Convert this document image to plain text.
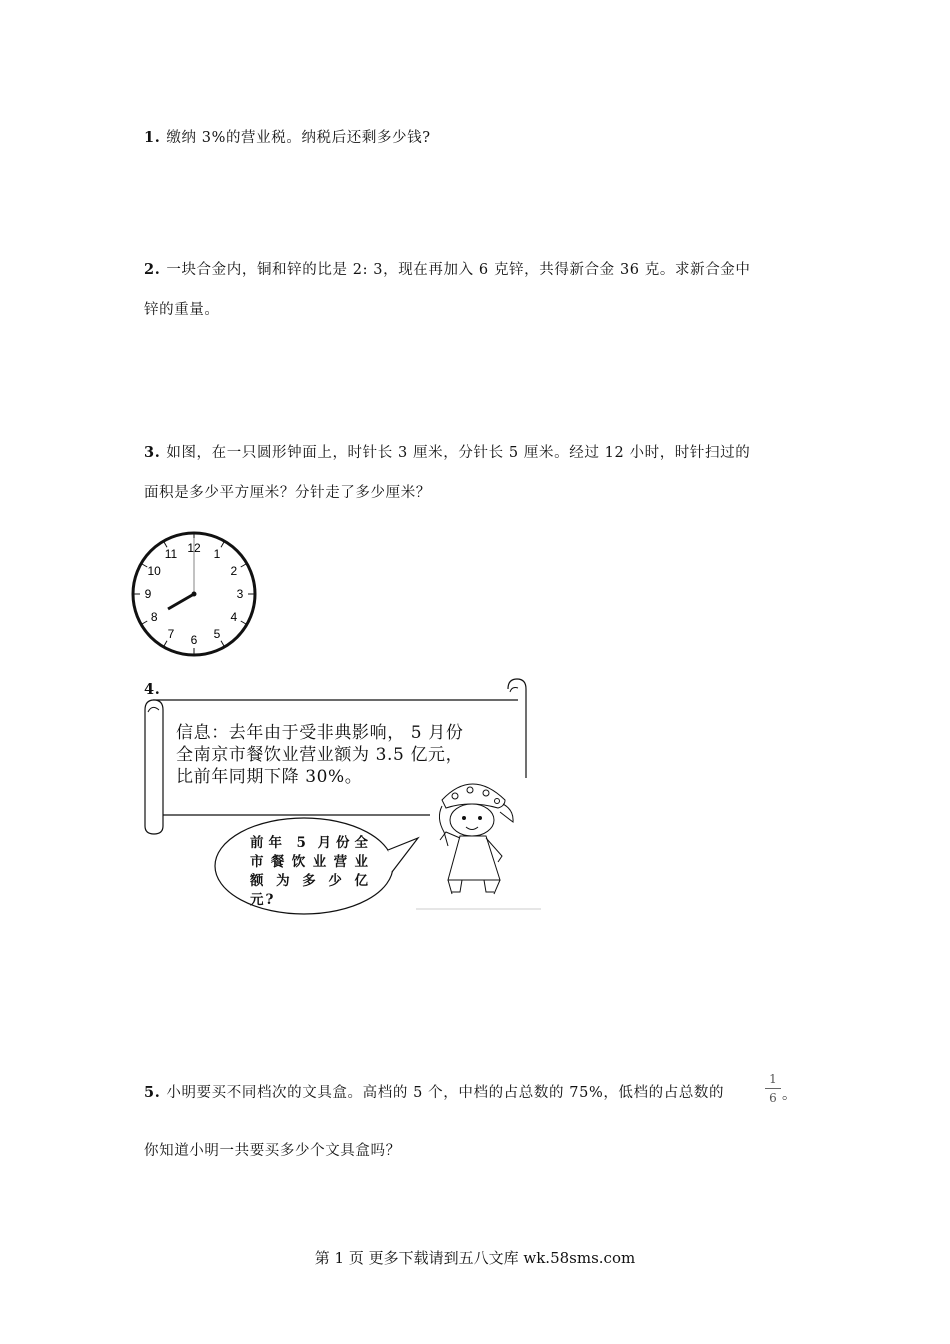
1. 缴纳 3%的营业税。纳税后还剩多少钱?
2. 一块合金内，铜和锌的比是 2: 3，现在再加入 6 克锌，共得新合金 36 克。求新合金中
锌的重量。
3. 如图，在一只圆形钟面上，时针长 3 厘米，分针长 5 厘米。经过 12 小时，时针扫过的
面积是多少平方厘米？分针走了多少厘米？
12 1
2
3
4
5
6
7
8
9
10
11
4.
信息：去年由于受非典影响， 5 月份
全南京市餐饮业营业额为 3.5 亿元，
比前年同期下降 30%。
前年 5 月份全
市餐饮业营业
额为多少亿
元?
5. 小明要买不同档次的文具盒。高档的 5 个，中档的占总数的 75%，低档的占总数的
1
6 。
你知道小明一共要买多少个文具盒吗？
第 1 页 更多下载请到五八文库 wk.58sms.com
